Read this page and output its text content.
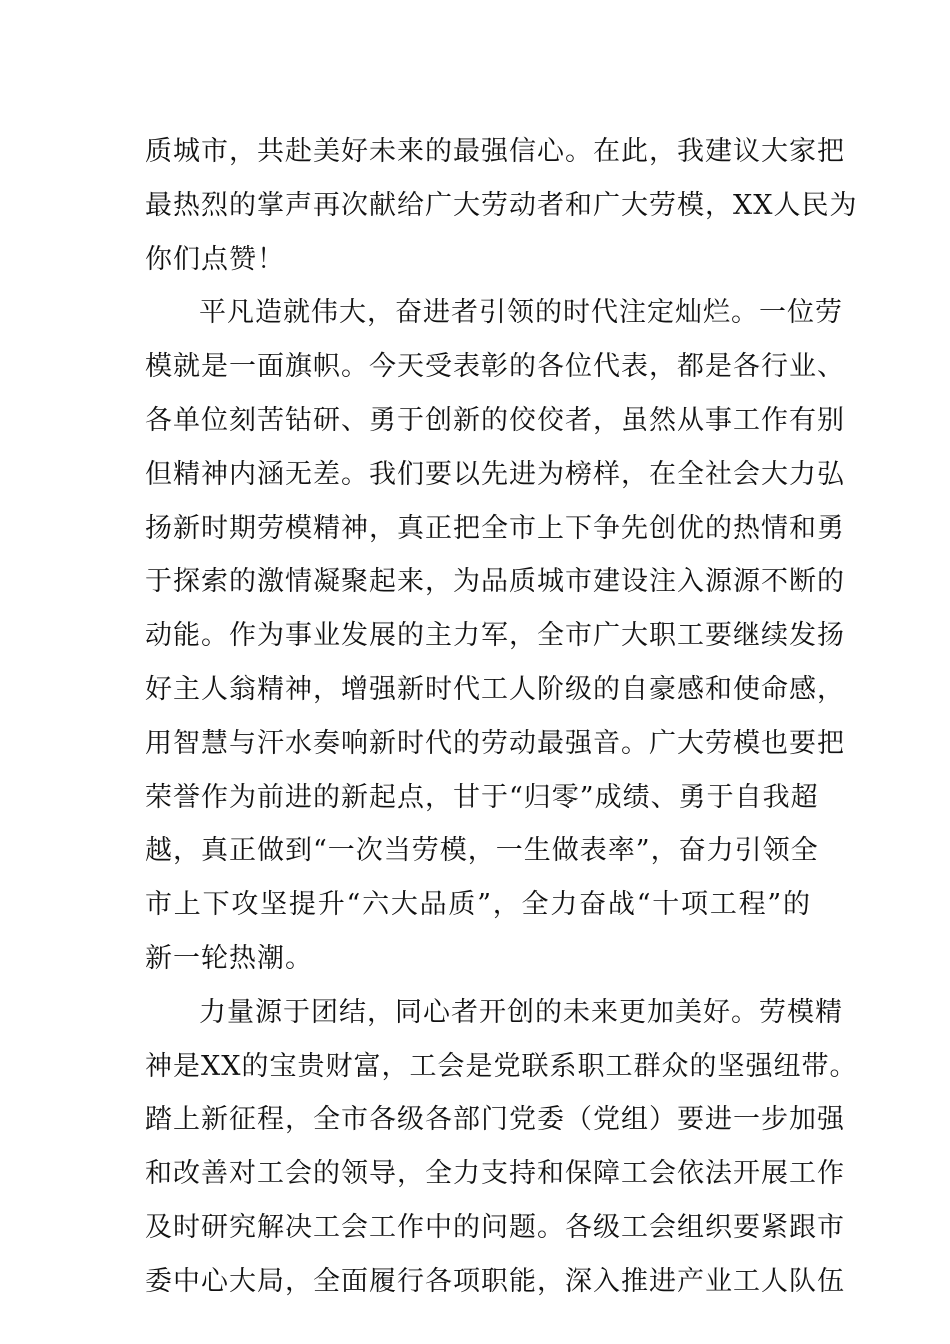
质城市，共赴美好未来的最强信心。在此，我建议大家把
最热烈的掌声再次献给广大劳动者和广大劳模，XX人民为
你们点赞！
平凡造就伟大，奋进者引领的时代注定灿烂。一位劳
模就是一面旗帜。今天受表彰的各位代表，都是各行业、
各单位刻苦钻研、勇于创新的佼佼者，虽然从事工作有别
但精神内涵无差。我们要以先进为榜样，在全社会大力弘
扬新时期劳模精神，真正把全市上下争先创优的热情和勇
于探索的激情凝聚起来，为品质城市建设注入源源不断的
动能。作为事业发展的主力军，全市广大职工要继续发扬
好主人翁精神，增强新时代工人阶级的自豪感和使命感，
用智慧与汗水奏响新时代的劳动最强音。广大劳模也要把
荣誉作为前进的新起点，甘于“归零”成绩、勇于自我超
越，真正做到“一次当劳模，一生做表率”，奋力引领全
市上下攻坚提升“六大品质”，全力奋战“十项工程”的
新一轮热潮。
力量源于团结，同心者开创的未来更加美好。劳模精
神是XX的宝贵财富，工会是党联系职工群众的坚强纽带。
踏上新征程，全市各级各部门党委（党组）要进一步加强
和改善对工会的领导，全力支持和保障工会依法开展工作
及时研究解决工会工作中的问题。各级工会组织要紧跟市
委中心大局，全面履行各项职能，深入推进产业工人队伍
